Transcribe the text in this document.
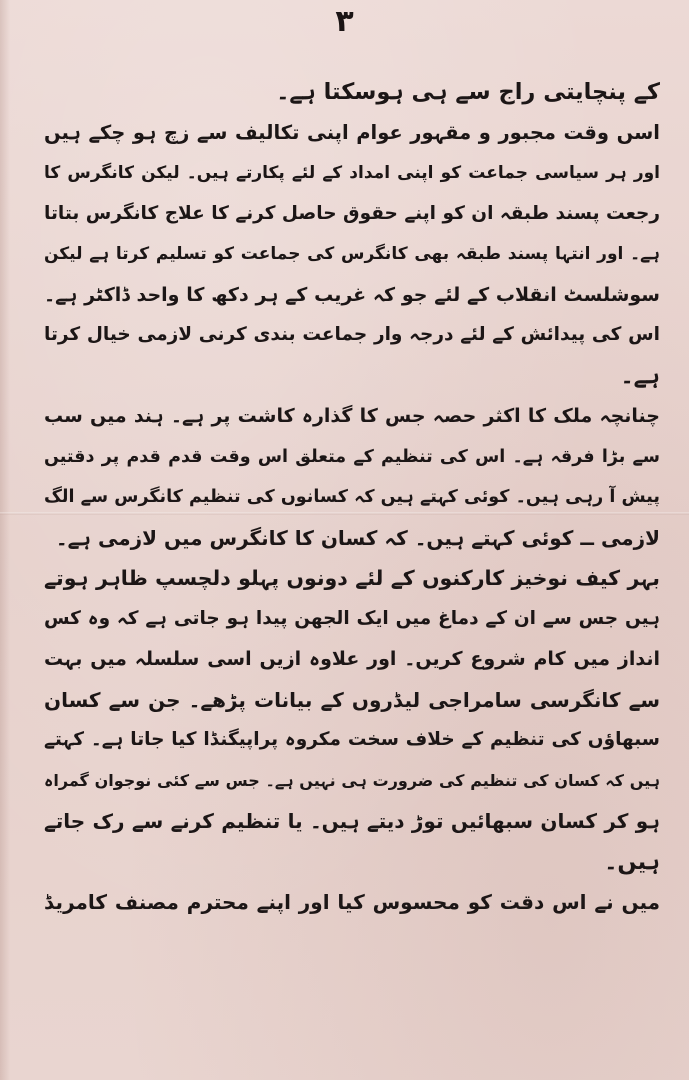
۳
کے پنچایتی راج سے ہی ہوسکتا ہے۔
اسں وقت مجبور و مقہور عوام اپنی تکالیف سے زچ ہو چکے ہیں
اور ہر سیاسی جماعت کو اپنی امداد کے لئے پکارتے ہیں۔ لیکن کانگرس کا
رجعت پسند طبقہ ان کو اپنے حقوق حاصل کرنے کا علاج کانگرس بتاتا
ہے۔ اور انتہا پسند طبقہ بھی کانگرس کی جماعت کو تسلیم کرتا ہے لیکن
سوشلسٹ انقلاب کے لئے جو کہ غریب کے ہر دکھ کا واحد ڈاکٹر ہے۔
اس کی پیدائش کے لئے درجہ وار جماعت بندی کرنی لازمی خیال کرتا
ہے۔
چنانچہ ملک کا اکثر حصہ جس کا گذارہ کاشت پر ہے۔ ہند میں سب
سے بڑا فرقہ ہے۔ اس کی تنظیم کے متعلق اس وقت قدم قدم پر دقتیں
پیش آ رہی ہیں۔ کوئی کہتے ہیں کہ کسانوں کی تنظیم کانگرس سے الگ
لازمی ــ کوئی کہتے ہیں۔ کہ کسان کا کانگرس میں لازمی ہے۔
بہر کیف نوخیز کارکنوں کے لئے دونوں پہلو دلچسپ ظاہر ہوتے
ہیں جس سے ان کے دماغ میں ایک الجھن پیدا ہو جاتی ہے کہ وہ کس
انداز میں کام شروع کریں۔ اور علاوہ ازیں اسی سلسلہ میں بہت
سے کانگرسی سامراجی لیڈروں کے بیانات پڑھے۔ جن سے کسان
سبھاؤں کی تنظیم کے خلاف سخت مکروہ پراپیگنڈا کیا جاتا ہے۔ کہتے
ہیں کہ کسان کی تنظیم کی ضرورت ہی نہیں ہے۔ جس سے کئی نوجوان گمراہ
ہو کر کسان سبھائیں توڑ دیتے ہیں۔ یا تنظیم کرنے سے رک جاتے
ہیں۔
میں نے اس دقت کو محسوس کیا اور اپنے محترم مصنف کامریڈ
